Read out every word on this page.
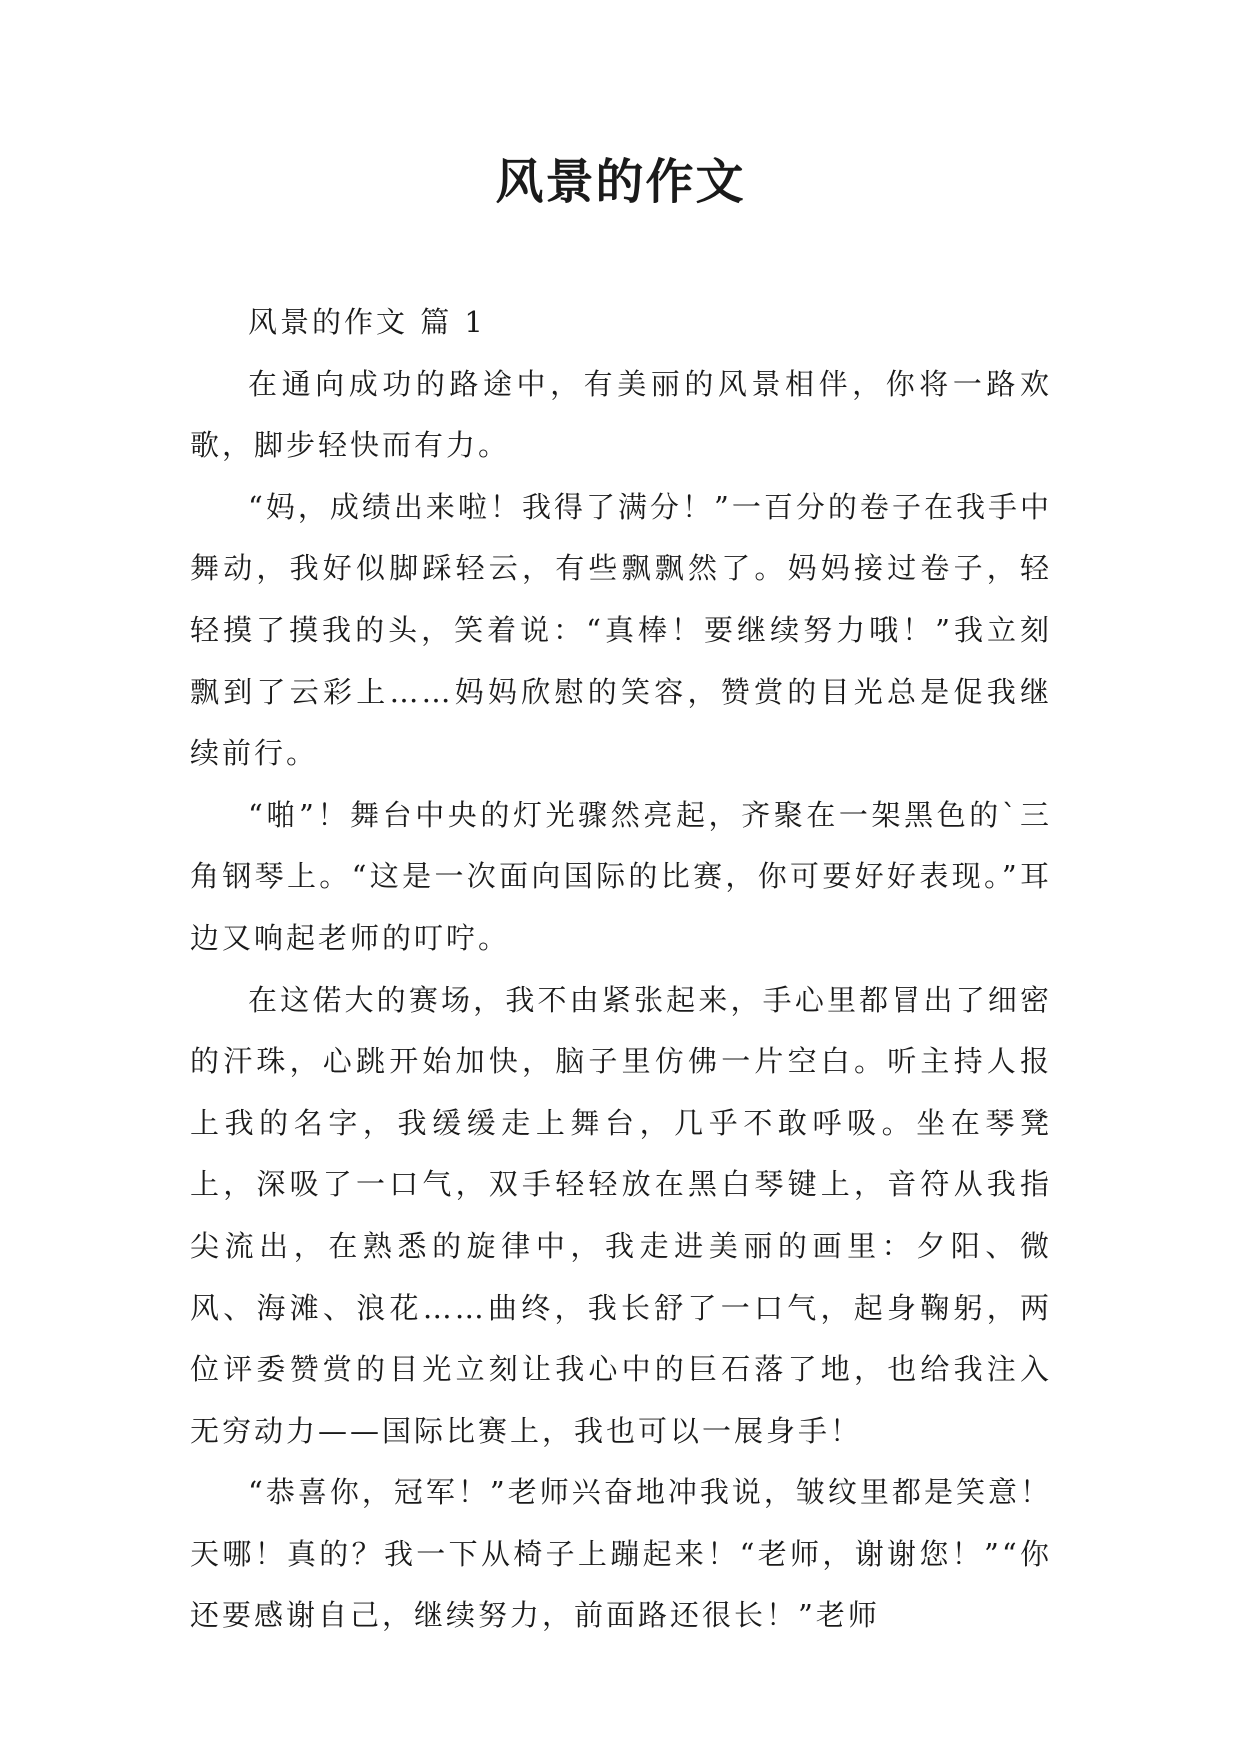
风景的作文

风景的作文 篇 1

在通向成功的路途中，有美丽的风景相伴，你将一路欢歌，脚步轻快而有力。

“妈，成绩出来啦！我得了满分！”一百分的卷子在我手中舞动，我好似脚踩轻云，有些飘飘然了。妈妈接过卷子，轻轻摸了摸我的头，笑着说：“真棒！要继续努力哦！”我立刻飘到了云彩上……妈妈欣慰的笑容，赞赏的目光总是促我继续前行。

“啪”！舞台中央的灯光骤然亮起，齐聚在一架黑色的`三角钢琴上。“这是一次面向国际的比赛，你可要好好表现。”耳边又响起老师的叮咛。

在这偌大的赛场，我不由紧张起来，手心里都冒出了细密的汗珠，心跳开始加快，脑子里仿佛一片空白。听主持人报上我的名字，我缓缓走上舞台，几乎不敢呼吸。坐在琴凳上，深吸了一口气，双手轻轻放在黑白琴键上，音符从我指尖流出，在熟悉的旋律中，我走进美丽的画里：夕阳、微风、海滩、浪花……曲终，我长舒了一口气，起身鞠躬，两位评委赞赏的目光立刻让我心中的巨石落了地，也给我注入无穷动力——国际比赛上，我也可以一展身手！

“恭喜你，冠军！”老师兴奋地冲我说，皱纹里都是笑意！天哪！真的？我一下从椅子上蹦起来！“老师，谢谢您！”“你还要感谢自己，继续努力，前面路还很长！”老师
